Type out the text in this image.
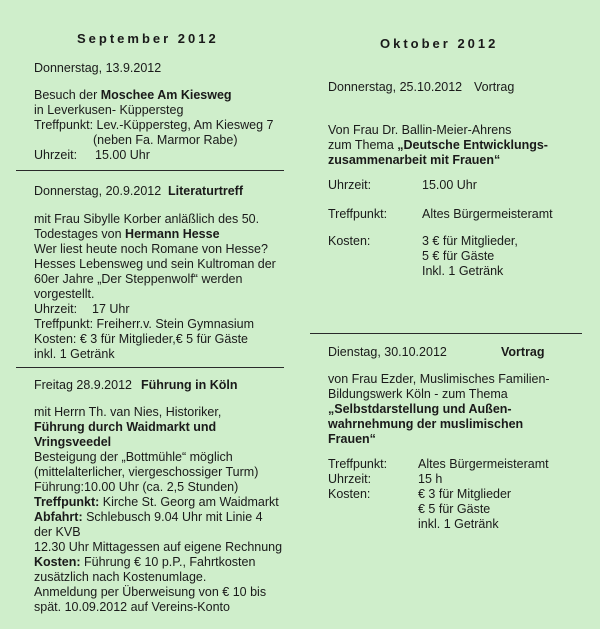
September 2012
Donnerstag, 13.9.2012
Besuch der Moschee Am Kiesweg
in Leverkusen- Küppersteg
Treffpunkt: Lev.-Küppersteg, Am Kiesweg 7
(neben Fa. Marmor Rabe)
Uhrzeit: 15.00 Uhr
Donnerstag, 20.9.2012 Literaturtreff
mit Frau Sibylle Korber anläßlich des 50.
Todestages von Hermann Hesse
Wer liest heute noch Romane von Hesse?
Hesses Lebensweg und sein Kultroman der
60er Jahre „Der Steppenwolf“ werden
vorgestellt.
Uhrzeit: 17 Uhr
Treffpunkt: Freiherr.v. Stein Gymnasium
Kosten: € 3 für Mitglieder,€ 5 für Gäste
inkl. 1 Getränk
Freitag 28.9.2012 Führung in Köln
mit Herrn Th. van Nies, Historiker,
Führung durch Waidmarkt und
Vringsveedel
Besteigung der „Bottmühle“ möglich
(mittelalterlicher, viergeschossiger Turm)
Führung:10.00 Uhr (ca. 2,5 Stunden)
Treffpunkt: Kirche St. Georg am Waidmarkt
Abfahrt: Schlebusch 9.04 Uhr mit Linie 4
der KVB
12.30 Uhr Mittagessen auf eigene Rechnung
Kosten: Führung € 10 p.P., Fahrtkosten
zusätzlich nach Kostenumlage.
Anmeldung per Überweisung von € 10 bis
spät. 10.09.2012 auf Vereins-Konto
Oktober 2012
Donnerstag, 25.10.2012 Vortrag
Von Frau Dr. Ballin-Meier-Ahrens
zum Thema „Deutsche Entwicklungs-
zusammenarbeit mit Frauen“
Uhrzeit:	15.00 Uhr
Treffpunkt:	Altes Bürgermeisteramt
Kosten:	3 € für Mitglieder,
5 € für Gäste
Inkl. 1 Getränk
Dienstag, 30.10.2012	Vortrag
von Frau Ezder, Muslimisches Familien-
Bildungswerk Köln - zum Thema
„Selbstdarstellung und Außen-
wahrnehmung der muslimischen
Frauen“
Treffpunkt: Altes Bürgermeisteramt
Uhrzeit:	15 h
Kosten:	€ 3 für Mitglieder
€ 5 für Gäste
inkl. 1 Getränk
